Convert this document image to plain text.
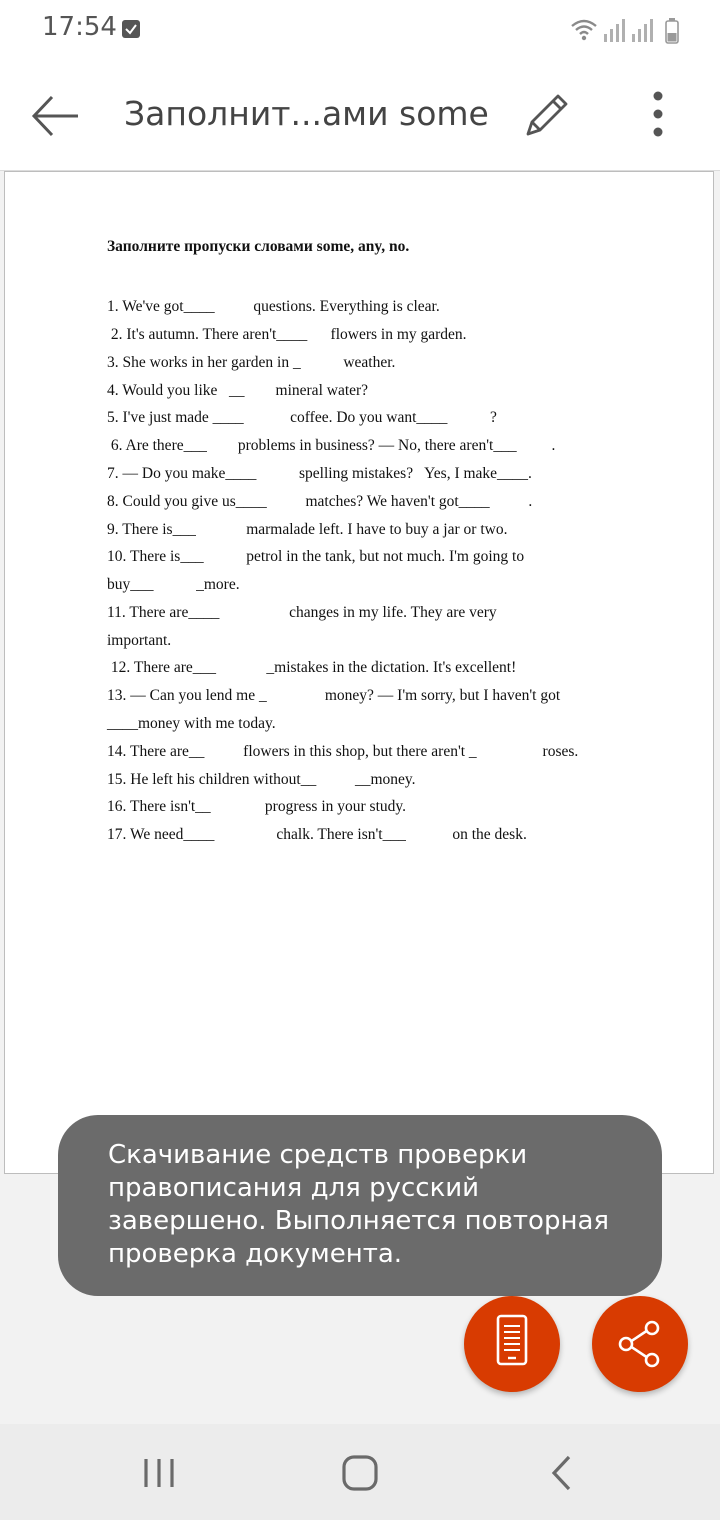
17:54
Заполнит...ами some
Заполните пропуски словами some, any, no.
1. We've got____          questions. Everything is clear.
2. It's autumn. There aren't____      flowers in my garden.
3. She works in her garden in _           weather.
4. Would you like   __        mineral water?
5. I've just made ____            coffee. Do you want____           ?
6. Are there___        problems in business? — No, there aren't___         .
7. — Do you make____           spelling mistakes?   Yes, I make____.
8. Could you give us____          matches? We haven't got____          .
9. There is___             marmalade left. I have to buy a jar or two.
10. There is___           petrol in the tank, but not much. I'm going to
buy___           _more.
11. There are____                  changes in my life. They are very
important.
12. There are___             _mistakes in the dictation. It's excellent!
13. — Can you lend me _               money? — I'm sorry, but I haven't got
____money with me today.
14. There are__          flowers in this shop, but there aren't _                 roses.
15. He left his children without__          __money.
16. There isn't__              progress in your study.
17. We need____                chalk. There isn't___            on the desk.
Скачивание средств проверки правописания для русский завершено. Выполняется повторная проверка документа.
